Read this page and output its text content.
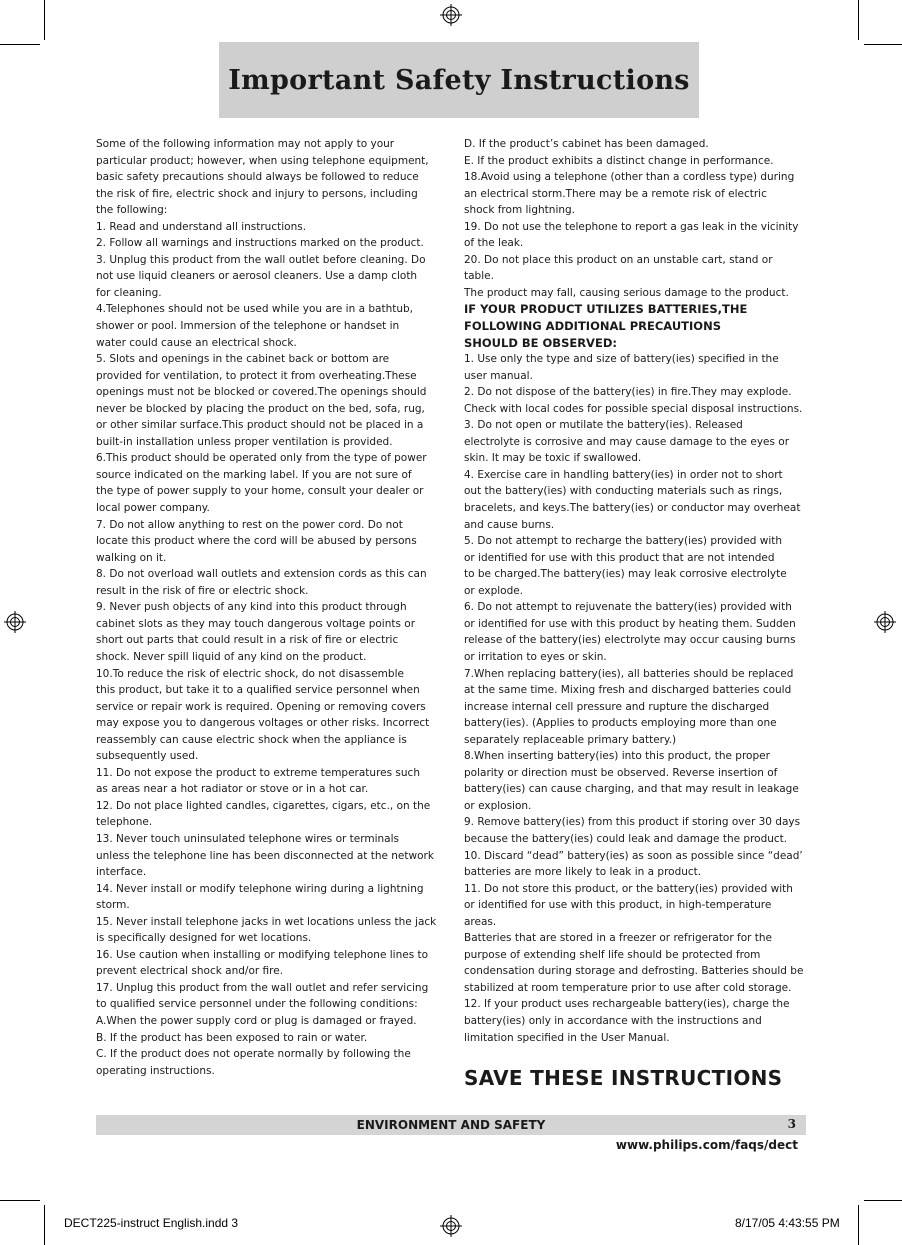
Important Safety Instructions
Some of the following information may not apply to your
particular product; however, when using telephone equipment,
basic safety precautions should always be followed to reduce
the risk of fire, electric shock and injury to persons, including
the following:
1. Read and understand all instructions.
2. Follow all warnings and instructions marked on the product.
3. Unplug this product from the wall outlet before cleaning. Do
not use liquid cleaners or aerosol cleaners. Use a damp cloth
for cleaning.
4.Telephones should not be used while you are in a bathtub,
shower or pool. Immersion of the telephone or handset in
water could cause an electrical shock.
5. Slots and openings in the cabinet back or bottom are
provided for ventilation, to protect it from overheating.These
openings must not be blocked or covered.The openings should
never be blocked by placing the product on the bed, sofa, rug,
or other similar surface.This product should not be placed in a
built-in installation unless proper ventilation is provided.
6.This product should be operated only from the type of power
source indicated on the marking label. If you are not sure of
the type of power supply to your home, consult your dealer or
local power company.
7. Do not allow anything to rest on the power cord. Do not
locate this product where the cord will be abused by persons
walking on it.
8. Do not overload wall outlets and extension cords as this can
result in the risk of fire or electric shock.
9. Never push objects of any kind into this product through
cabinet slots as they may touch dangerous voltage points or
short out parts that could result in a risk of fire or electric
shock. Never spill liquid of any kind on the product.
10.To reduce the risk of electric shock, do not disassemble
this product, but take it to a qualified service personnel when
service or repair work is required. Opening or removing covers
may expose you to dangerous voltages or other risks. Incorrect
reassembly can cause electric shock when the appliance is
subsequently used.
11. Do not expose the product to extreme temperatures such
as areas near a hot radiator or stove or in a hot car.
12. Do not place lighted candles, cigarettes, cigars, etc., on the
telephone.
13. Never touch uninsulated telephone wires or terminals
unless the telephone line has been disconnected at the network
interface.
14. Never install or modify telephone wiring during a lightning
storm.
15. Never install telephone jacks in wet locations unless the jack
is specifically designed for wet locations.
16. Use caution when installing or modifying telephone lines to
prevent electrical shock and/or fire.
17. Unplug this product from the wall outlet and refer servicing
to qualified service personnel under the following conditions:
A.When the power supply cord or plug is damaged or frayed.
B. If the product has been exposed to rain or water.
C. If the product does not operate normally by following the
operating instructions.
D. If the product’s cabinet has been damaged.
E. If the product exhibits a distinct change in performance.
18.Avoid using a telephone (other than a cordless type) during
an electrical storm.There may be a remote risk of electric
shock from lightning.
19. Do not use the telephone to report a gas leak in the vicinity
of the leak.
20. Do not place this product on an unstable cart, stand or
table.
The product may fall, causing serious damage to the product.
IF YOUR PRODUCT UTILIZES BATTERIES,THE
FOLLOWING ADDITIONAL PRECAUTIONS
SHOULD BE OBSERVED:
1. Use only the type and size of battery(ies) specified in the
user manual.
2. Do not dispose of the battery(ies) in fire.They may explode.
Check with local codes for possible special disposal instructions.
3. Do not open or mutilate the battery(ies). Released
electrolyte is corrosive and may cause damage to the eyes or
skin. It may be toxic if swallowed.
4. Exercise care in handling battery(ies) in order not to short
out the battery(ies) with conducting materials such as rings,
bracelets, and keys.The battery(ies) or conductor may overheat
and cause burns.
5. Do not attempt to recharge the battery(ies) provided with
or identified for use with this product that are not intended
to be charged.The battery(ies) may leak corrosive electrolyte
or explode.
6. Do not attempt to rejuvenate the battery(ies) provided with
or identified for use with this product by heating them. Sudden
release of the battery(ies) electrolyte may occur causing burns
or irritation to eyes or skin.
7.When replacing battery(ies), all batteries should be replaced
at the same time. Mixing fresh and discharged batteries could
increase internal cell pressure and rupture the discharged
battery(ies). (Applies to products employing more than one
separately replaceable primary battery.)
8.When inserting battery(ies) into this product, the proper
polarity or direction must be observed. Reverse insertion of
battery(ies) can cause charging, and that may result in leakage
or explosion.
9. Remove battery(ies) from this product if storing over 30 days
because the battery(ies) could leak and damage the product.
10. Discard “dead” battery(ies) as soon as possible since “dead’
batteries are more likely to leak in a product.
11. Do not store this product, or the battery(ies) provided with
or identified for use with this product, in high-temperature
areas.
Batteries that are stored in a freezer or refrigerator for the
purpose of extending shelf life should be protected from
condensation during storage and defrosting. Batteries should be
stabilized at room temperature prior to use after cold storage.
12. If your product uses rechargeable battery(ies), charge the
battery(ies) only in accordance with the instructions and
limitation specified in the User Manual.
SAVE THESE INSTRUCTIONS
ENVIRONMENT AND SAFETY	3
www.philips.com/faqs/dect
DECT225-instruct English.indd 3	8/17/05 4:43:55 PM
